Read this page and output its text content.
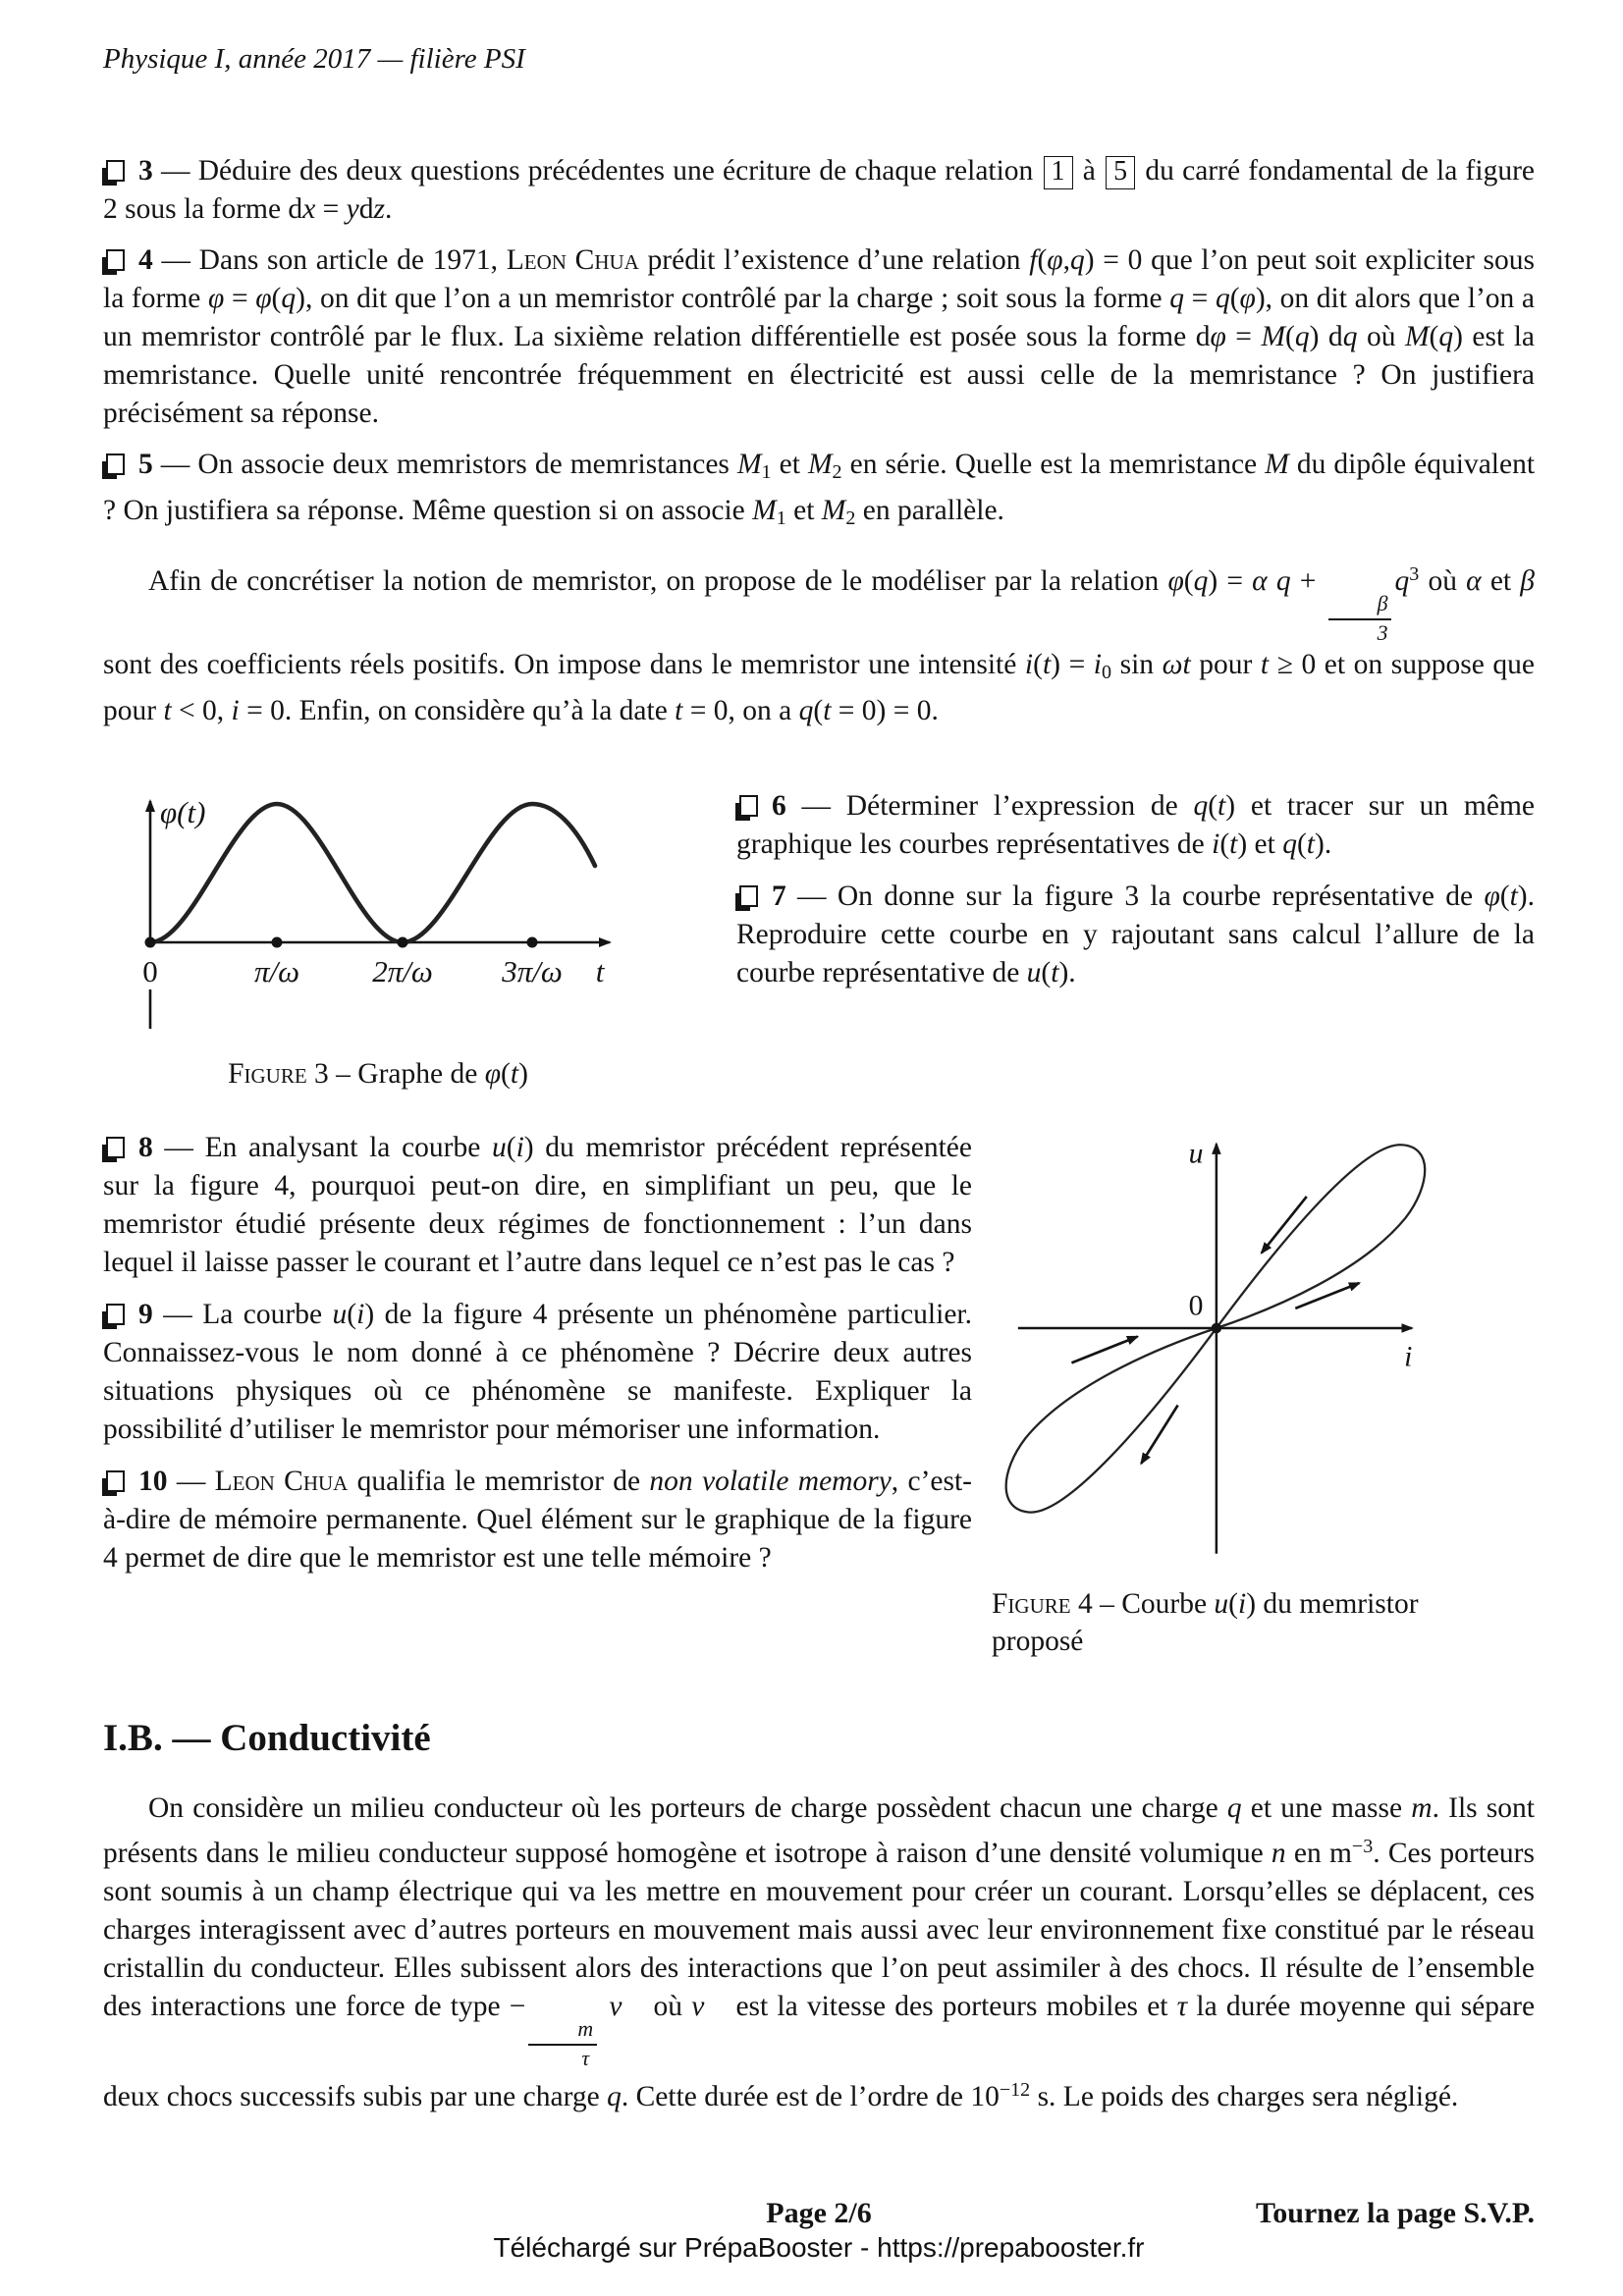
Physique I, année 2017 — filière PSI

3 — Déduire des deux questions précédentes une écriture de chaque relation 1 à 5 du carré fondamental de la figure 2 sous la forme dx = ydz.

4 — Dans son article de 1971, Leon Chua prédit l’existence d’une relation f(φ,q) = 0 que l’on peut soit expliciter sous la forme φ = φ(q), on dit que l’on a un memristor contrôlé par la charge ; soit sous la forme q = q(φ), on dit alors que l’on a un memristor contrôlé par le flux. La sixième relation différentielle est posée sous la forme dφ = M(q) dq où M(q) est la memristance. Quelle unité rencontrée fréquemment en électricité est aussi celle de la memristance ? On justifiera précisément sa réponse.

5 — On associe deux memristors de memristances $M_1$ et $M_2$ en série. Quelle est la memristance M du dipôle équivalent ? On justifiera sa réponse. Même question si on associe $M_1$ et $M_2$ en parallèle.

Afin de concrétiser la notion de memristor, on propose de le modéliser par la relation φ(q) = α q +
$\frac{\beta}{3}$
$q^3$ où α et β sont des coefficients réels positifs. On impose dans le memristor une intensité $i(t) = i_0$ sin ωt pour t ≥ 0 et on suppose que pour t < 0, i = 0. Enfin, on considère qu’à la date t = 0, on a q(t = 0) = 0.

φ(t)
0	π/ω 2π/ω 3π/ω t
Figure 3 – Graphe de φ(t)

6 — Déterminer l’expression de q(t) et tracer sur un même graphique les courbes représentatives de i(t) et q(t).

7 — On donne sur la figure 3 la courbe représentative de φ(t). Reproduire cette courbe en y rajoutant sans calcul l’allure de la courbe représentative de u(t).

8 — En analysant la courbe u(i) du memristor précédent représentée sur la figure 4, pourquoi peut-on dire, en simplifiant un peu, que le memristor étudié présente deux régimes de fonctionnement : l’un dans lequel il laisse passer le courant et l’autre dans lequel ce n’est pas le cas ?

9 — La courbe u(i) de la figure 4 présente un phénomène particulier. Connaissez-vous le nom donné à ce phénomène ? Décrire deux autres situations physiques où ce phénomène se manifeste. Expliquer la possibilité d’utiliser le memristor pour mémoriser une information.

10 — Leon Chua qualifia le memristor de non volatile memory, c’est-à-dire de mémoire permanente. Quel élément sur le graphique de la figure 4 permet de dire que le memristor est une telle mémoire ?

u
0
i
Figure 4 – Courbe u(i) du memristor proposé
I.B. — Conductivité

On considère un milieu conducteur où les porteurs de charge possèdent chacun une charge q et une masse m. Ils sont présents dans le milieu conducteur supposé homogène et isotrope à raison d’une densité volumique n en $m^{-3}$. Ces porteurs sont soumis à un champ électrique qui va les mettre en mouvement pour créer un courant. Lorsqu’elles se déplacent, ces charges interagissent avec d’autres porteurs en mouvement mais aussi avec leur environnement fixe constitué par le réseau cristallin du conducteur. Elles subissent alors des interactions que l’on peut assimiler à des chocs. Il résulte de l’ensemble des interactions une force de type −
$\frac{m}{\tau}$
v⃗ où v⃗ est la vitesse des porteurs mobiles et τ la durée moyenne qui sépare deux chocs successifs subis par une charge q. Cette durée est de l’ordre de $10^{-12}$ s. Le poids des charges sera négligé.

Page 2/6	Tournez la page S.V.P.
Téléchargé sur PrépaBooster - https://prepabooster.fr
